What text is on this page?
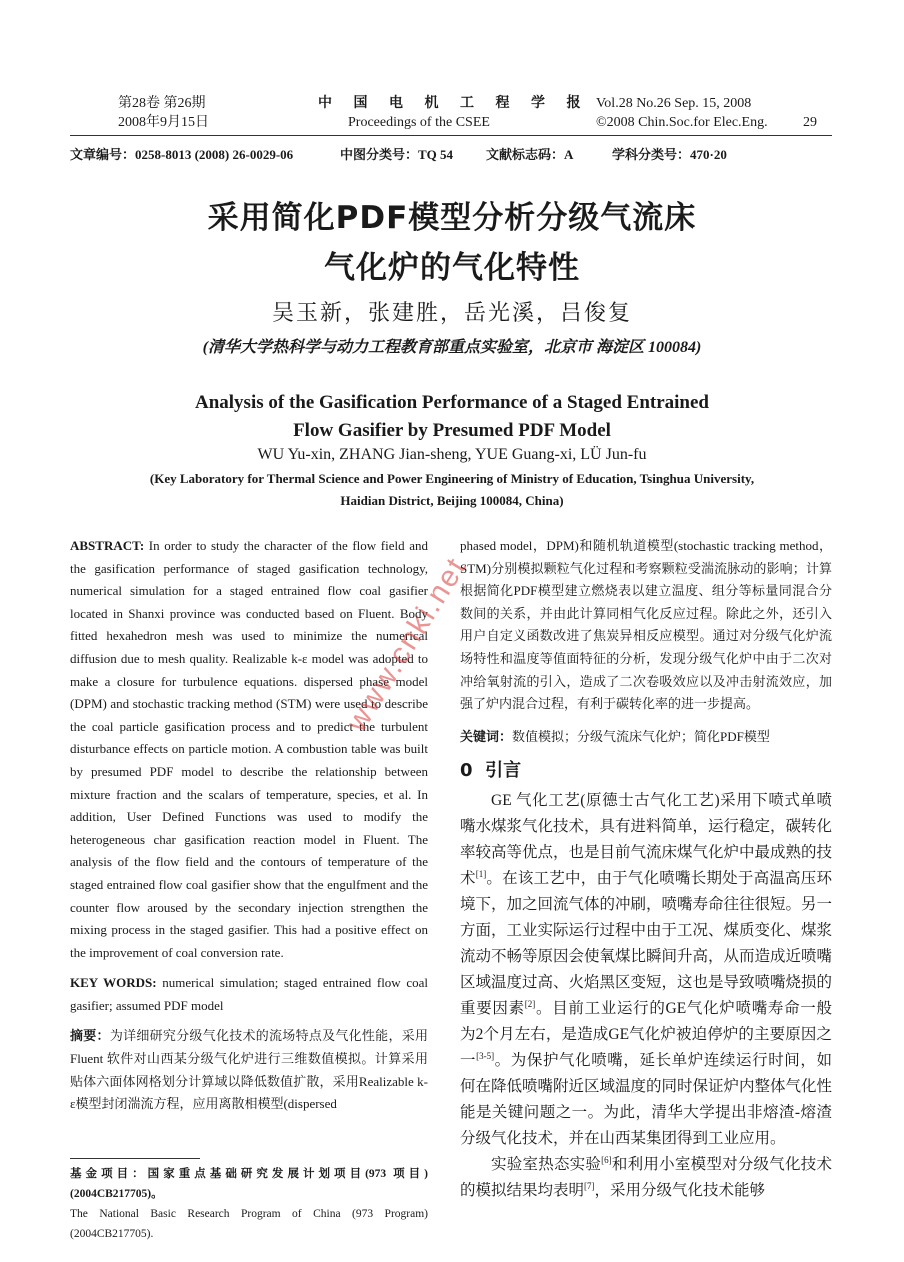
第28卷 第26期
2008年9月15日
中 国 电 机 工 程 学 报
Proceedings of the CSEE
Vol.28 No.26 Sep. 15, 2008
©2008 Chin.Soc.for Elec.Eng.	29
文章编号：0258-8013 (2008) 26-0029-06	中图分类号：TQ 54	文献标志码：A	学科分类号：470·20
采用简化PDF模型分析分级气流床
气化炉的气化特性
吴玉新，张建胜，岳光溪，吕俊复
(清华大学热科学与动力工程教育部重点实验室，北京市 海淀区 100084)
Analysis of the Gasification Performance of a Staged Entrained
Flow Gasifier by Presumed PDF Model
WU Yu-xin, ZHANG Jian-sheng, YUE Guang-xi, LÜ Jun-fu
(Key Laboratory for Thermal Science and Power Engineering of Ministry of Education, Tsinghua University,
Haidian District, Beijing 100084, China)

ABSTRACT: In order to study the character of the flow field and the gasification performance of staged gasification technology, numerical simulation for a staged entrained flow coal gasifier located in Shanxi province was conducted based on Fluent. Body fitted hexahedron mesh was used to minimize the numerical diffusion due to mesh quality. Realizable k-ε model was adopted to make a closure for turbulence equations. dispersed phase model (DPM) and stochastic tracking method (STM) were used to describe the coal particle gasification process and to predict the turbulent disturbance effects on particle motion. A combustion table was built by presumed PDF model to describe the relationship between mixture fraction and the scalars of temperature, species, et al. In addition, User Defined Functions was used to modify the heterogeneous char gasification reaction model in Fluent. The analysis of the flow field and the contours of temperature of the staged entrained flow coal gasifier show that the engulfment and the counter flow aroused by the secondary injection strengthen the mixing process in the staged gasifier. This had a positive effect on the improvement of coal conversion rate.

KEY WORDS: numerical simulation; staged entrained flow coal gasifier; assumed PDF model

摘要：为详细研究分级气化技术的流场特点及气化性能，采用 Fluent 软件对山西某分级气化炉进行三维数值模拟。计算采用贴体六面体网格划分计算域以降低数值扩散，采用Realizable k-ε模型封闭湍流方程，应用离散相模型(dispersed

基金项目：国家重点基础研究发展计划项目(973 项目)(2004CB217705)。

The National Basic Research Program of China (973 Program) (2004CB217705).

phased model，DPM)和随机轨道模型(stochastic tracking method，STM)分别模拟颗粒气化过程和考察颗粒受湍流脉动的影响；计算根据简化PDF模型建立燃烧表以建立温度、组分等标量同混合分数间的关系，并由此计算同相气化反应过程。除此之外，还引入用户自定义函数改进了焦炭异相反应模型。通过对分级气化炉流场特性和温度等值面特征的分析，发现分级气化炉中由于二次对冲给氧射流的引入，造成了二次卷吸效应以及冲击射流效应，加强了炉内混合过程，有利于碳转化率的进一步提高。

关键词：数值模拟；分级气流床气化炉；简化PDF模型

0 引言

GE 气化工艺(原德士古气化工艺)采用下喷式单喷嘴水煤浆气化技术，具有进料简单，运行稳定，碳转化率较高等优点，也是目前气流床煤气化炉中最成熟的技术[1]。在该工艺中，由于气化喷嘴长期处于高温高压环境下，加之回流气体的冲刷，喷嘴寿命往往很短。另一方面，工业实际运行过程中由于工况、煤质变化、煤浆流动不畅等原因会使氧煤比瞬间升高，从而造成近喷嘴区域温度过高、火焰黑区变短，这也是导致喷嘴烧损的重要因素[2]。目前工业运行的GE气化炉喷嘴寿命一般为2个月左右，是造成GE气化炉被迫停炉的主要原因之一[3-5]。为保护气化喷嘴，延长单炉连续运行时间，如何在降低喷嘴附近区域温度的同时保证炉内整体气化性能是关键问题之一。为此，清华大学提出非熔渣-熔渣分级气化技术，并在山西某集团得到工业应用。

实验室热态实验[6]和利用小室模型对分级气化技术的模拟结果均表明[7]，采用分级气化技术能够

www.cnki.net
